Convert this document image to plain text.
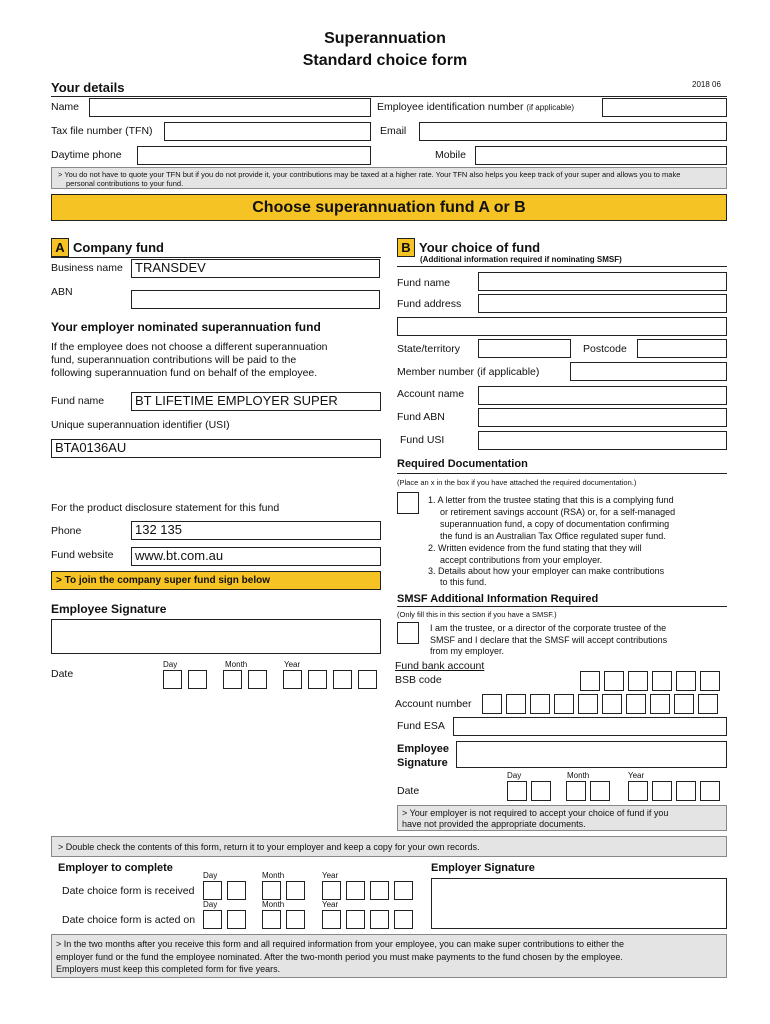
Superannuation
Standard choice form
Your details	2018 06
Name	Employee identification number (if applicable)
Tax file number (TFN)	Email
Daytime phone	Mobile
> You do not have to quote your TFN but if you do not provide it, your contributions may be taxed at a higher rate. Your TFN also helps you keep track of your super and allows you to make
personal contributions to your fund.
Choose superannuation fund A or B
A Company fund
Business name TRANSDEV
ABN
Your employer nominated superannuation fund
If the employee does not choose a different superannuation
fund, superannuation contributions will be paid to the
following superannuation fund on behalf of the employee.
Fund name	BT LIFETIME EMPLOYER SUPER
Unique superannuation identifier (USI)
BTA0136AU
For the product disclosure statement for this fund
Phone	132 135
Fund website	www.bt.com.au
> To join the company super fund sign below
Employee Signature
Date
Day	Month	Year
B Your choice of fund
(Additional information required if nominating SMSF)
Fund name
Fund address
State/territory	Postcode
Member number (if applicable)
Account name
Fund ABN
Fund USI
Required Documentation
(Place an x in the box if you have attached the required documentation.)
1. A letter from the trustee stating that this is a complying fund
or retirement savings account (RSA) or, for a self-managed
superannuation fund, a copy of documentation confirming
the fund is an Australian Tax Office regulated super fund.
2. Written evidence from the fund stating that they will
accept contributions from your employer.
3. Details about how your employer can make contributions
to this fund.
SMSF Additional Information Required
(Only fill this in this section if you have a SMSF.)
I am the trustee, or a director of the corporate trustee of the
SMSF and I declare that the SMSF will accept contributions
from my employer.
Fund bank account
BSB code
Account number
Fund ESA
Employee
Signature
Date
Day	Month	Year
> Your employer is not required to accept your choice of fund if you
have not provided the appropriate documents.
> Double check the contents of this form, return it to your employer and keep a copy for your own records.
Employer to complete
Day	Month	Year
Date choice form is received
Day	Month	Year
Date choice form is acted on
Employer Signature
> In the two months after you receive this form and all required information from your employee, you can make super contributions to either the
employer fund or the fund the employee nominated. After the two-month period you must make payments to the fund chosen by the employee.
Employers must keep this completed form for five years.
